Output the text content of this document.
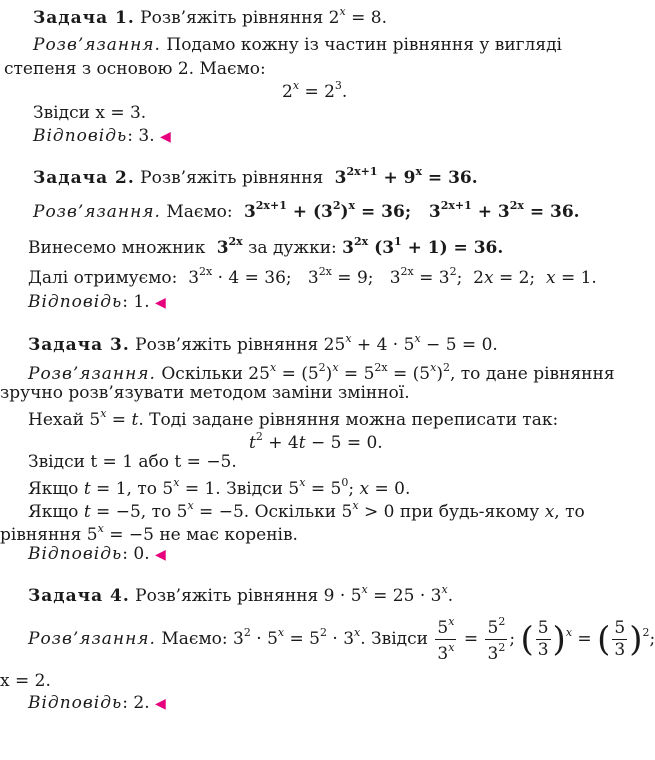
Задача 1. Розв’яжіть рівняння $2^x = 8$.
Розв’язання. Подамо кожну із частин рівняння у вигляді
степеня з основою 2. Маємо:
$2^x = 2^3$.
Звідси x = 3.
Відповідь: 3. ◀
Задача 2. Розв’яжіть рівняння  $3^{2x+1} + 9^x = 36$.
Розв’язання. Маємо:  $3^{2x+1} + (3^2)^x = 36$;   $3^{2x+1} + 3^{2x} = 36$.
Винесемо множник  $3^{2x}$ за дужки: $3^{2x}$ $(3^1 + 1) = 36$.
Далі отримуємо:  $3^{2x} \cdot 4 = 36$;   $3^{2x} = 9$;   $3^{2x} = 3^2$;  2x = 2;  x = 1.
Відповідь: 1. ◀
Задача 3. Розв’яжіть рівняння $25^x + 4 \cdot 5^x - 5 = 0$.
Розв’язання. Оскільки $25^x = (5^2)^x = 5^{2x} = (5^x)^2$, то дане рівняння
зручно розв’язувати методом заміни змінної.
Нехай $5^x = t$. Тоді задане рівняння можна переписати так:
$t^2 + 4t - 5 = 0$.
Звідси t = 1 або t = −5.
Якщо t = 1, то $5^x = 1$. Звідси $5^x = 5^0$; x = 0.
Якщо t = −5, то $5^x = -5$. Оскільки $5^x > 0$ при будь-якому x, то
рівняння $5^x = -5$ не має коренів.
Відповідь: 0. ◀
Задача 4. Розв’яжіть рівняння $9 \cdot 5^x = 25 \cdot 3^x$.
Розв’язання. Маємо: $3^2 \cdot 5^x = 5^2 \cdot 3^x$. Звідси $\frac{5^x}{3^x} = \frac{5^2}{3^2}$ ; ( $\frac{5}{3} )^x$ = ( $\frac{5}{3} )^2$;
x = 2.
Відповідь: 2. ◀
